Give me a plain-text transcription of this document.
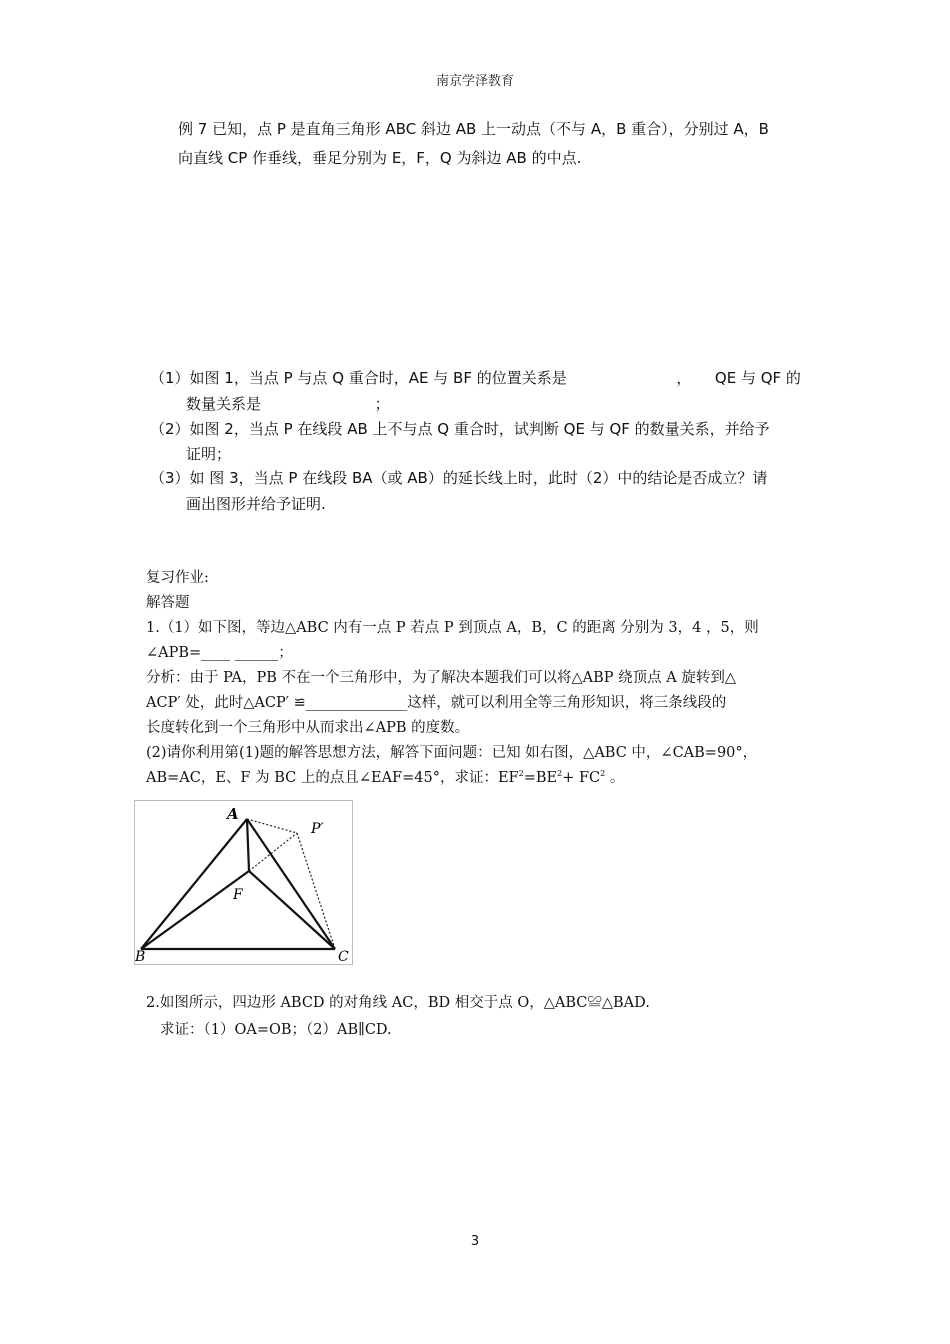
南京学泽教育
例 7 已知，点 P 是直角三角形 ABC 斜边 AB 上一动点（不与 A，B 重合），分别过 A，B
向直线 CP 作垂线，垂足分别为 E，F，Q 为斜边 AB 的中点.
（1）如图 1，当点 P 与点 Q 重合时，AE 与 BF 的位置关系是	， QE 与 QF 的
数量关系是	；
（2）如图 2，当点 P 在线段 AB 上不与点 Q 重合时，试判断 QE 与 QF 的数量关系，并给予
证明；
（3）如 图 3，当点 P 在线段 BA（或 AB）的延长线上时，此时（2）中的结论是否成立？请
画出图形并给予证明.
复习作业:
解答题
1.（1）如下图，等边△ABC 内有一点 P 若点 P 到顶点 A，B，C 的距离 分别为 3，4 ，5，则
∠APB=____ ______；
分析：由于 PA，PB 不在一个三角形中，为了解决本题我们可以将△ABP 绕顶点 A 旋转到△
ACP′ 处，此时△ACP′ ≌______________这样，就可以利用全等三角形知识，将三条线段的
长度转化到一个三角形中从而求出∠APB 的度数。
(2)请你利用第(1)题的解答思想方法，解答下面问题：已知 如右图，△ABC 中，∠CAB=90°，
AB=AC，E、F 为 BC 上的点且∠EAF=45°，求证：$EF^2=BE^2+ FC^2$ 。
A
P′
F
B	C
2.如图所示，四边形 ABCD 的对角线 AC，BD 相交于点 O，△ABC≌△BAD.
求证：（1）OA=OB；（2）AB∥CD.
3
